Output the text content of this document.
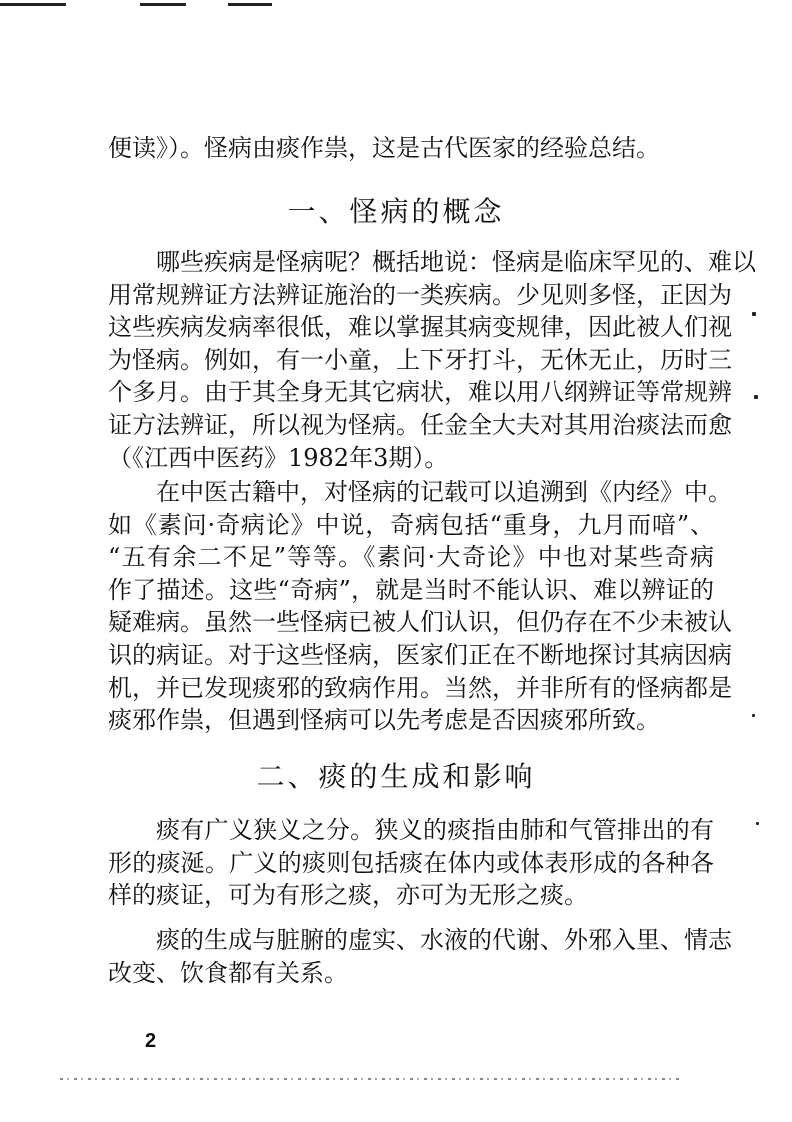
便读》）。怪病由痰作祟，这是古代医家的经验总结。
一、怪病的概念
哪些疾病是怪病呢？概括地说：怪病是临床罕见的、难以
用常规辨证方法辨证施治的一类疾病。少见则多怪，正因为
这些疾病发病率很低，难以掌握其病变规律，因此被人们视
为怪病。例如，有一小童，上下牙打斗，无休无止，历时三
个多月。由于其全身无其它病状，难以用八纲辨证等常规辨
证方法辨证，所以视为怪病。任金全大夫对其用治痰法而愈
（《江西中医药》1982年3期）。
在中医古籍中，对怪病的记载可以追溯到《内经》中。
如《素问·奇病论》中说，奇病包括“重身，九月而喑”、
“五有余二不足”等等。《素问·大奇论》中也对某些奇病
作了描述。这些“奇病”，就是当时不能认识、难以辨证的
疑难病。虽然一些怪病已被人们认识，但仍存在不少未被认
识的病证。对于这些怪病，医家们正在不断地探讨其病因病
机，并已发现痰邪的致病作用。当然，并非所有的怪病都是
痰邪作祟，但遇到怪病可以先考虑是否因痰邪所致。
二、痰的生成和影响
痰有广义狭义之分。狭义的痰指由肺和气管排出的有
形的痰涎。广义的痰则包括痰在体内或体表形成的各种各
样的痰证，可为有形之痰，亦可为无形之痰。
痰的生成与脏腑的虚实、水液的代谢、外邪入里、情志
改变、饮食都有关系。
2
